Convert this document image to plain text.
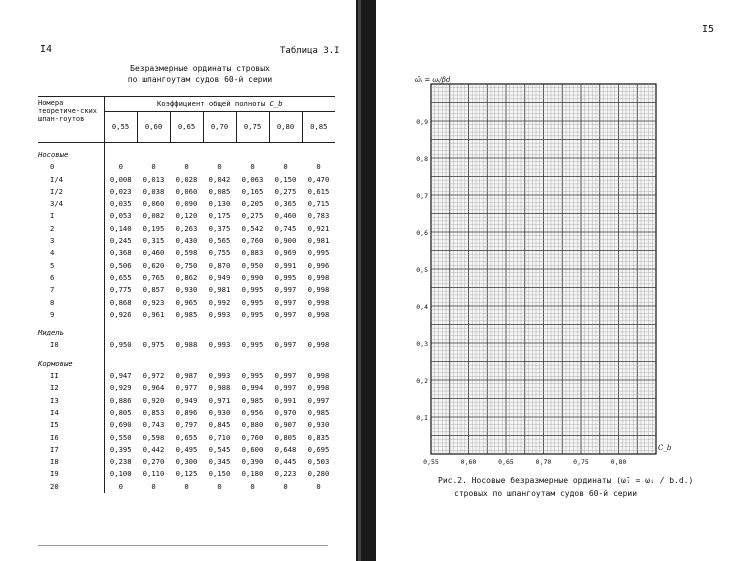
I4	Таблица 3.I
Безразмерные ординаты стровых
по шпангоутам судов 60-й серии
Номера теоретиче-ских шпан-гоутов	Коэффициент общей полноты C_b						
	0,55	0,60	0,65	0,70	0,75	0,80	0,85
Носовые							
0	0	0	0	0	0	0	0
I/4	0,008	0,013	0,028	0,042	0,063	0,150	0,470
I/2	0,023	0,038	0,060	0,085	0,165	0,275	0,615
3/4	0,035	0,060	0,090	0,130	0,205	0,365	0,715
I	0,053	0,082	0,120	0,175	0,275	0,460	0,783
2	0,140	0,195	0,263	0,375	0,542	0,745	0,921
3	0,245	0,315	0,430	0,565	0,760	0,900	0,981
4	0,368	0,460	0,598	0,755	0,883	0,969	0,995
5	0,506	0,620	0,750	0,870	0,950	0,991	0,996
6	0,655	0,765	0,862	0,949	0,990	0,995	0,998
7	0,775	0,857	0,930	0,981	0,995	0,997	0,998
8	0,868	0,923	0,965	0,992	0,995	0,997	0,998
9	0,926	0,961	0,985	0,993	0,995	0,997	0,998
Мидель							
I0	0,950	0,975	0,988	0,993	0,995	0,997	0,998
Кормовые							
II	0,947	0,972	0,987	0,993	0,995	0,997	0,998
I2	0,929	0,964	0,977	0,988	0,994	0,997	0,998
I3	0,886	0,920	0,949	0,971	0,985	0,991	0,997
I4	0,805	0,853	0,896	0,930	0,956	0,970	0,985
I5	0,690	0,743	0,797	0,845	0,880	0,907	0,930
I6	0,550	0,598	0,655	0,710	0,760	0,805	0,835
I7	0,395	0,442	0,495	0,545	0,600	0,648	0,695
I8	0,238	0,270	0,300	0,345	0,390	0,445	0,503
I9	0,100	0,110	0,125	0,150	0,180	0,223	0,280
20	0	0	0	0	0	0	0
I5
Рис.2. Носовые безразмерные ординаты (ω̄ᵢ = ωᵢ / b.d.)
стровых по шпангоутам судов 60-й серии
0,I
0,2
0,3
0,4
0,5
0,6
0,7
0,8
0,9
0,55	0,60	0,65	0,70	0,75	0,80
ω̄ᵢ = ωᵢ/βd
C_b
